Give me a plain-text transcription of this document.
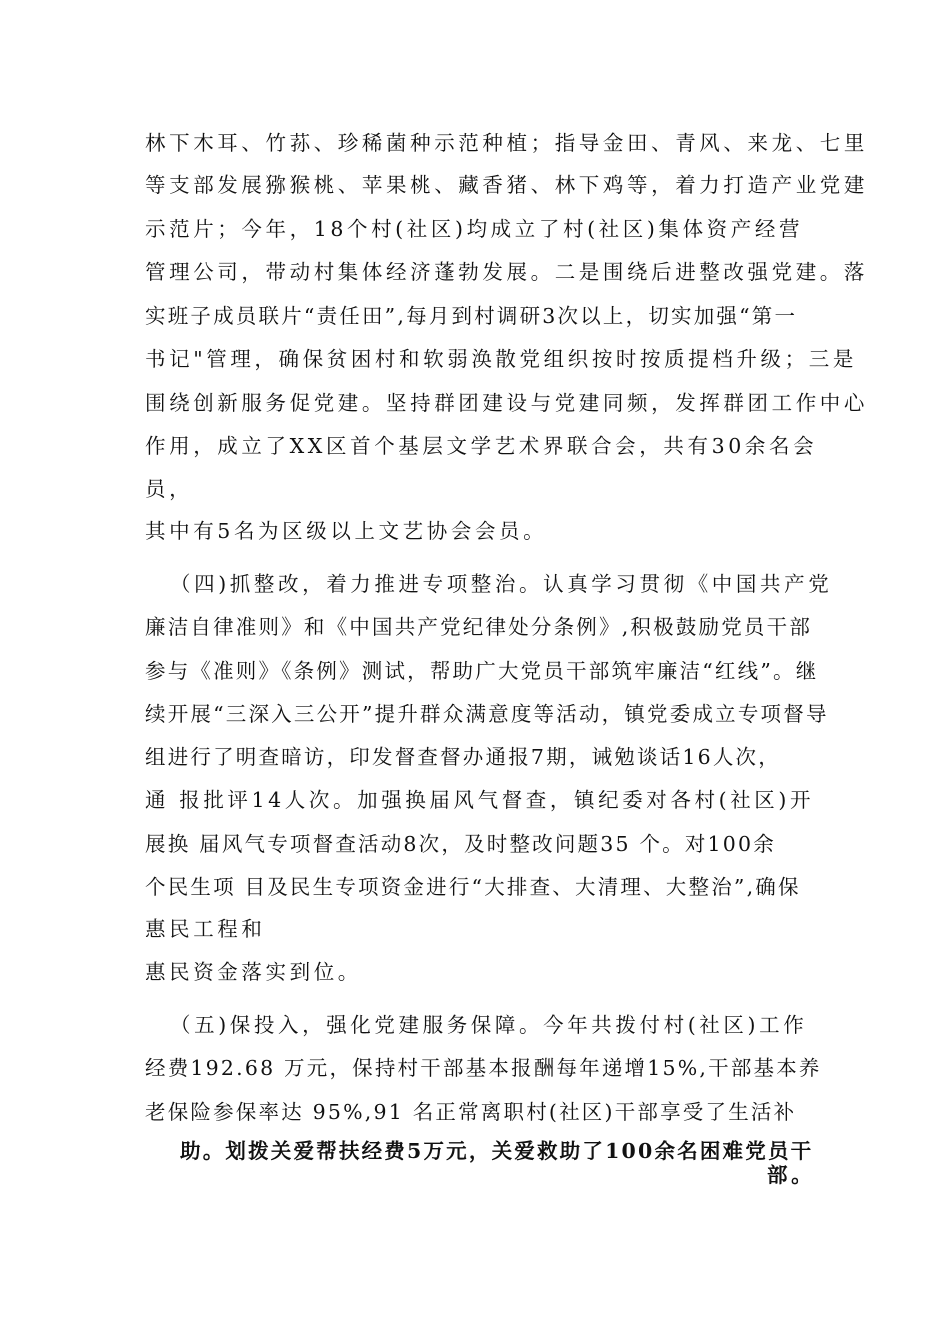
林下木耳、竹荪、珍稀菌种示范种植；指导金田、青风、来龙、七里
等支部发展猕猴桃、苹果桃、藏香猪、林下鸡等，着力打造产业党建
示范片；今年，18个村(社区)均成立了村(社区)集体资产经营
管理公司，带动村集体经济蓬勃发展。二是围绕后进整改强党建。落
实班子成员联片“责任田”,每月到村调研3次以上，切实加强“第一
书记"管理，确保贫困村和软弱涣散党组织按时按质提档升级；三是
围绕创新服务促党建。坚持群团建设与党建同频，发挥群团工作中心
作用，成立了XX区首个基层文学艺术界联合会，共有30余名会
员，
其中有5名为区级以上文艺协会会员。
（四)抓整改，着力推进专项整治。认真学习贯彻《中国共产党
廉洁自律准则》和《中国共产党纪律处分条例》,积极鼓励党员干部
参与《准则》《条例》测试，帮助广大党员干部筑牢廉洁“红线”。继
续开展“三深入三公开”提升群众满意度等活动，镇党委成立专项督导
组进行了明查暗访，印发督查督办通报7期，诫勉谈话16人次，
通 报批评14人次。加强换届风气督查，镇纪委对各村(社区)开
展换 届风气专项督查活动8次，及时整改问题35 个。对100余
个民生项 目及民生专项资金进行“大排查、大清理、大整治”,确保
惠民工程和
惠民资金落实到位。
（五)保投入，强化党建服务保障。今年共拨付村(社区)工作
经费192.68 万元，保持村干部基本报酬每年递增15%,干部基本养
老保险参保率达 95%,91 名正常离职村(社区)干部享受了生活补
助。划拨关爱帮扶经费5万元，关爱救助了100余名困难党员干
部。
